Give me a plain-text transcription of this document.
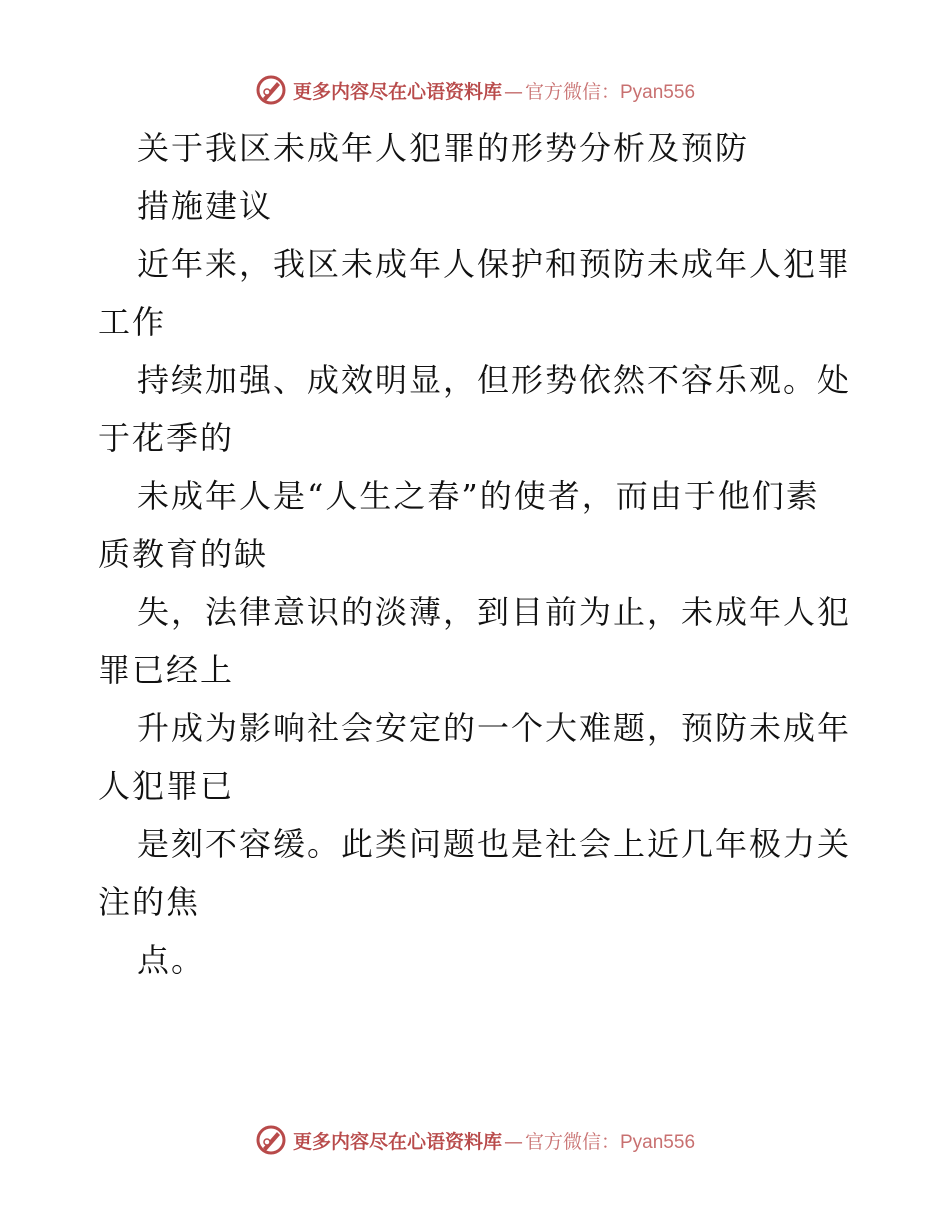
更多内容尽在心语资料库 — 官方微信： Pyan556
关于我区未成年人犯罪的形势分析及预防
措施建议
近年来，我区未成年人保护和预防未成年人犯罪
工作
持续加强、成效明显，但形势依然不容乐观。处
于花季的
未成年人是“人生之春”的使者，而由于他们素
质教育的缺
失，法律意识的淡薄，到目前为止，未成年人犯
罪已经上
升成为影响社会安定的一个大难题，预防未成年
人犯罪已
是刻不容缓。此类问题也是社会上近几年极力关
注的焦
点。
更多内容尽在心语资料库 — 官方微信： Pyan556
